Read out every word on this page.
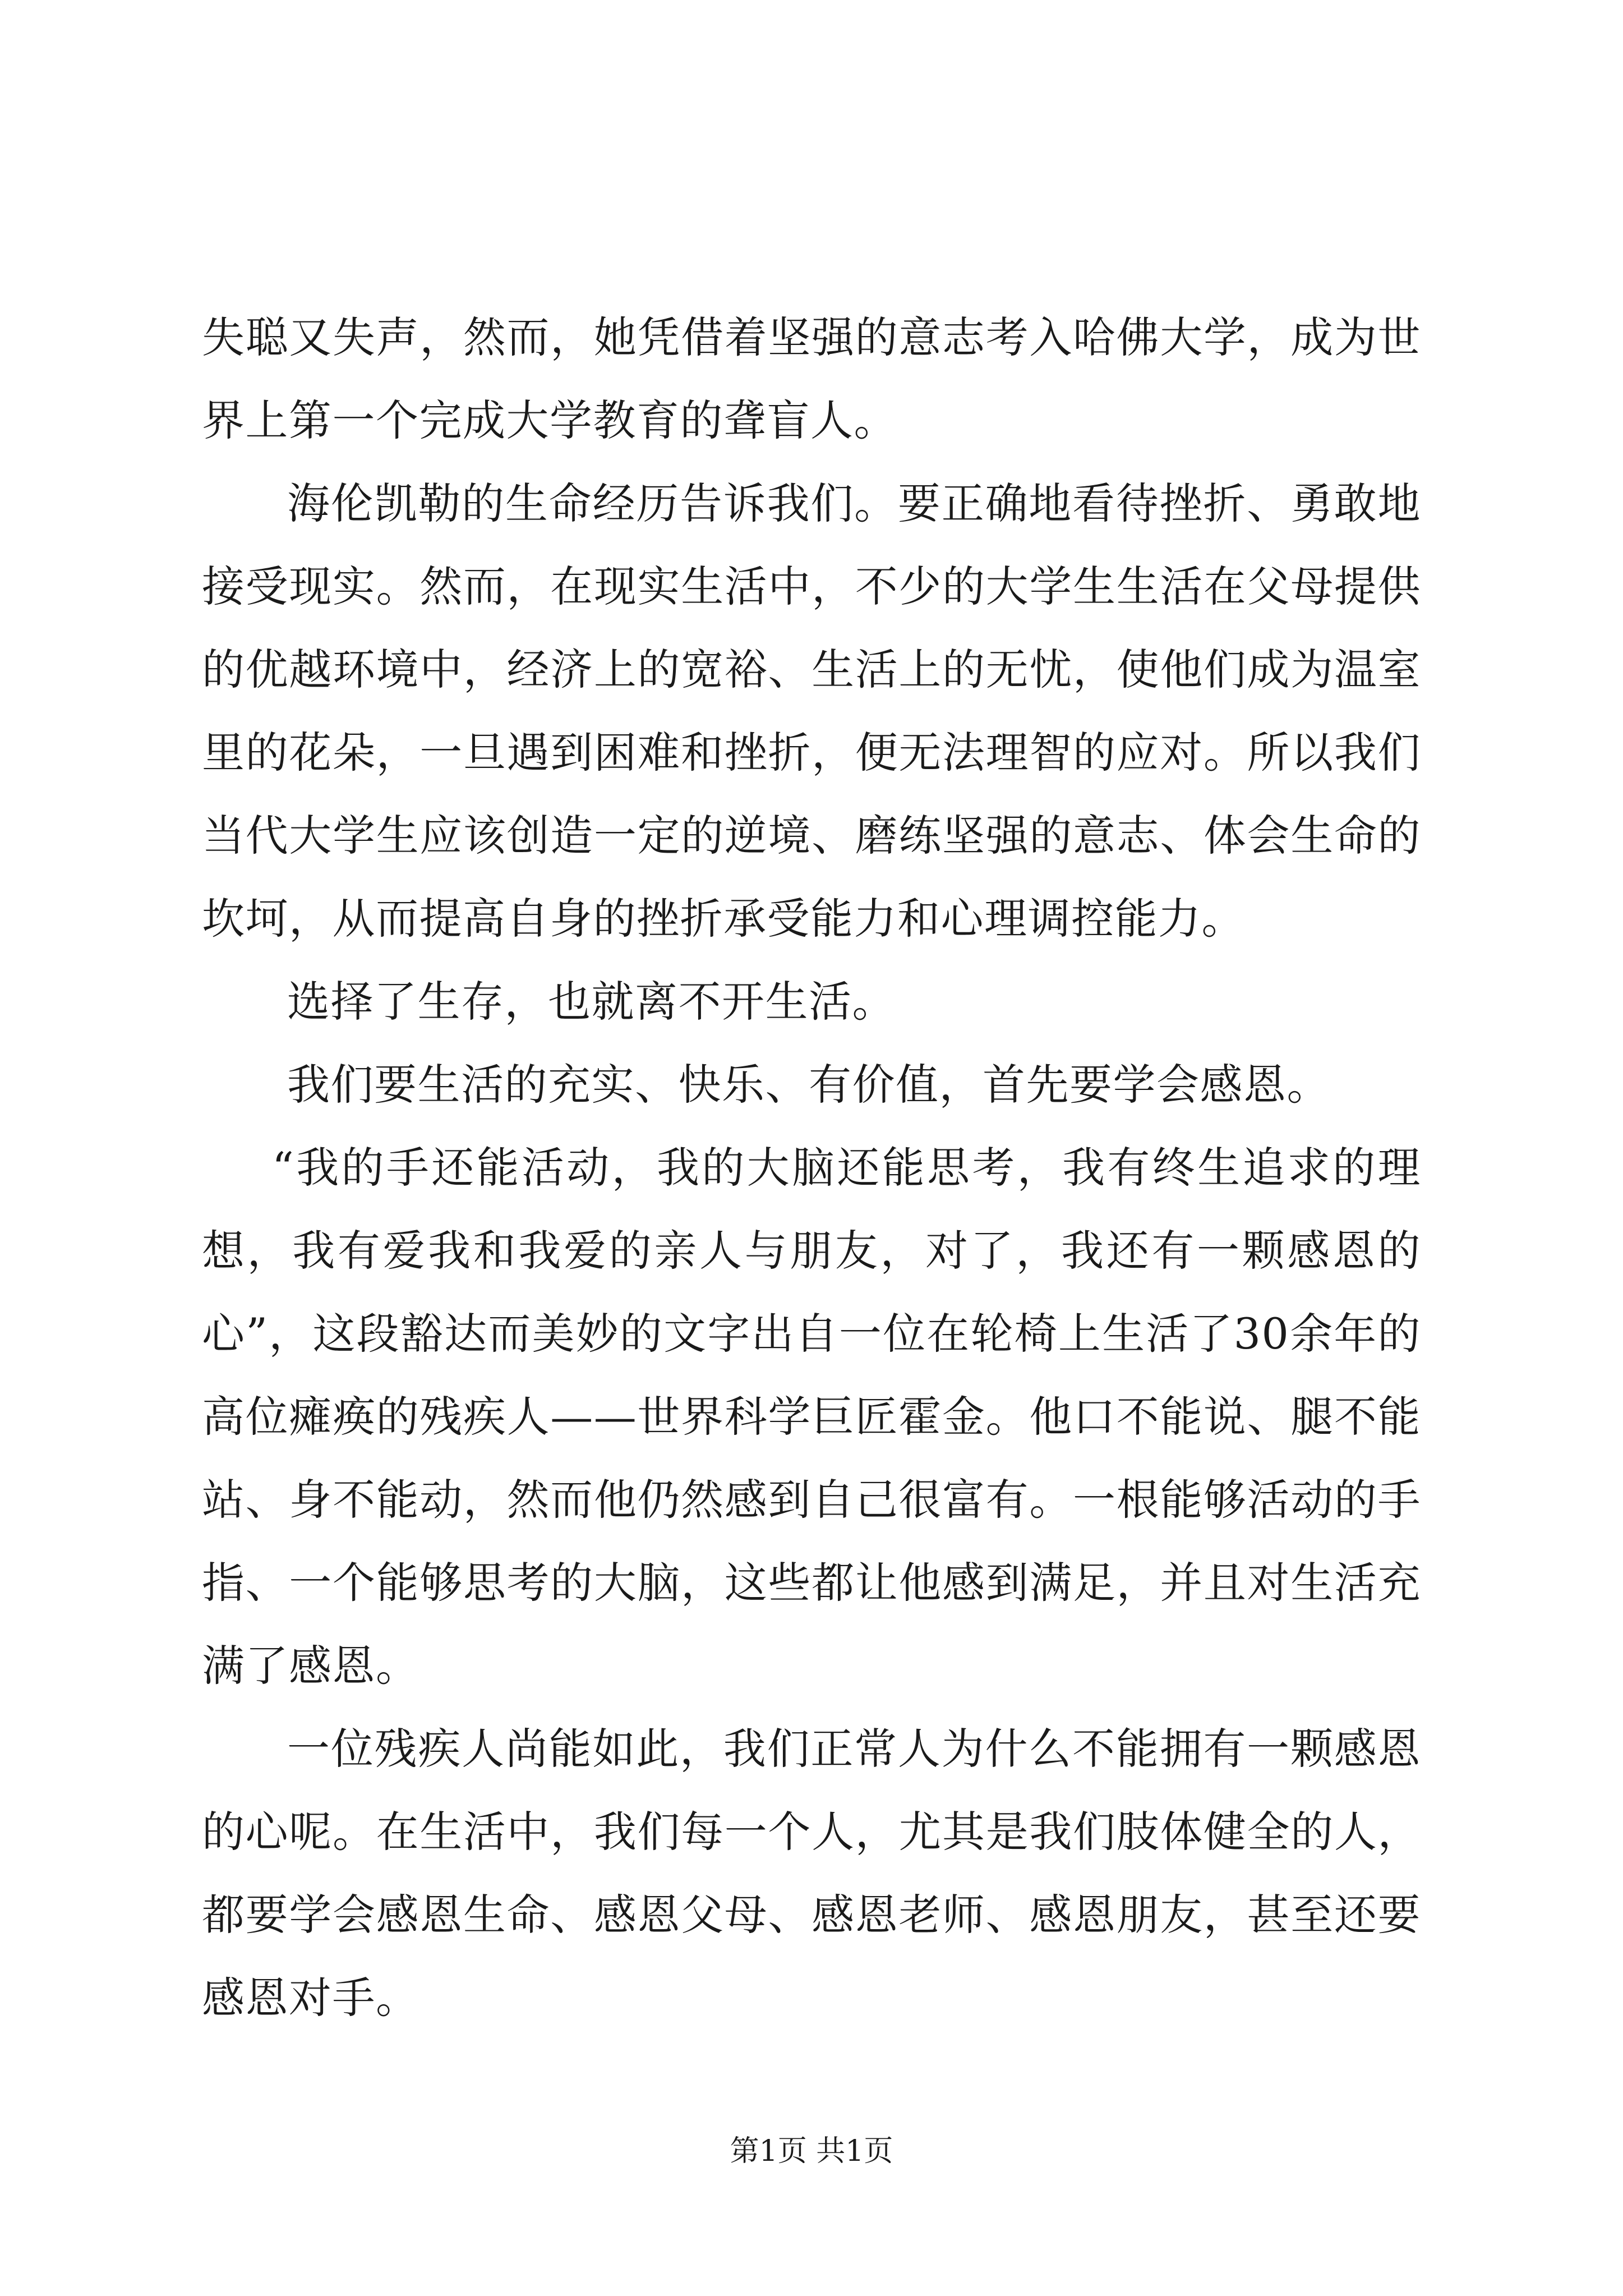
失聪又失声，然而，她凭借着坚强的意志考入哈佛大学，成为世界上第一个完成大学教育的聋盲人。

海伦凯勒的生命经历告诉我们。要正确地看待挫折、勇敢地接受现实。然而，在现实生活中，不少的大学生生活在父母提供的优越环境中，经济上的宽裕、生活上的无忧，使他们成为温室里的花朵，一旦遇到困难和挫折，便无法理智的应对。所以我们当代大学生应该创造一定的逆境、磨练坚强的意志、体会生命的坎坷，从而提高自身的挫折承受能力和心理调控能力。

选择了生存，也就离不开生活。

我们要生活的充实、快乐、有价值，首先要学会感恩。

“我的手还能活动，我的大脑还能思考，我有终生追求的理想，我有爱我和我爱的亲人与朋友，对了，我还有一颗感恩的心”，这段豁达而美妙的文字出自一位在轮椅上生活了30余年的高位瘫痪的残疾人——世界科学巨匠霍金。他口不能说、腿不能站、身不能动，然而他仍然感到自己很富有。一根能够活动的手指、一个能够思考的大脑，这些都让他感到满足，并且对生活充满了感恩。

一位残疾人尚能如此，我们正常人为什么不能拥有一颗感恩的心呢。在生活中，我们每一个人，尤其是我们肢体健全的人，都要学会感恩生命、感恩父母、感恩老师、感恩朋友，甚至还要感恩对手。

第1页 共1页
